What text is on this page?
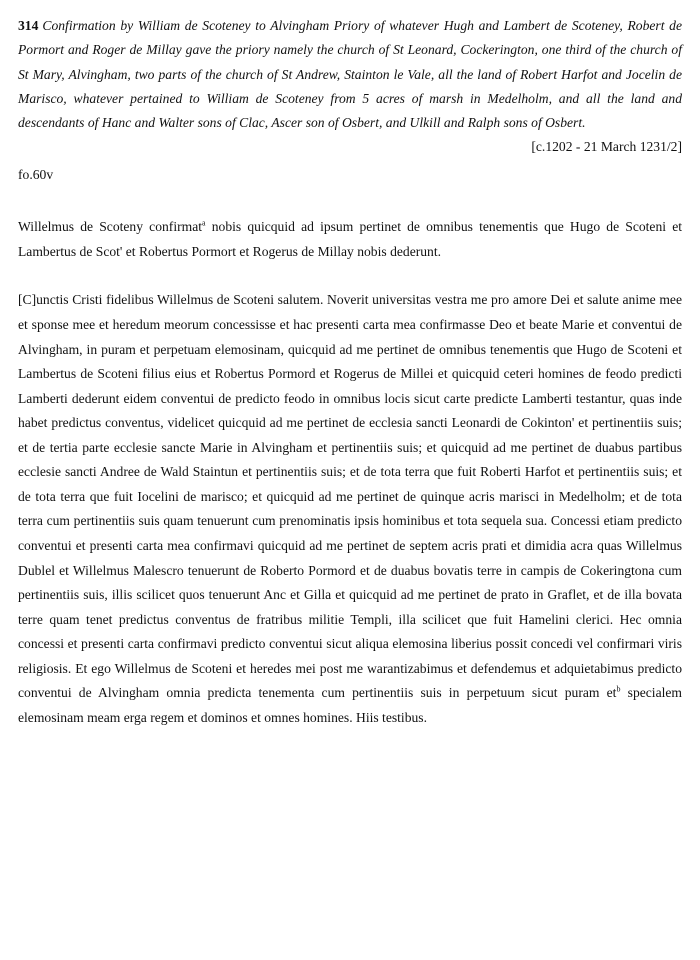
314 Confirmation by William de Scoteney to Alvingham Priory of whatever Hugh and Lambert de Scoteney, Robert de Pormort and Roger de Millay gave the priory namely the church of St Leonard, Cockerington, one third of the church of St Mary, Alvingham, two parts of the church of St Andrew, Stainton le Vale, all the land of Robert Harfot and Jocelin de Marisco, whatever pertained to William de Scoteney from 5 acres of marsh in Medelholm, and all the land and descendants of Hanc and Walter sons of Clac, Ascer son of Osbert, and Ulkill and Ralph sons of Osbert.

[c.1202 - 21 March 1231/2]

fo.60v

Willelmus de Scoteny confirmat$^a$ nobis quicquid ad ipsum pertinet de omnibus tenementis que Hugo de Scoteni et Lambertus de Scot' et Robertus Pormort et Rogerus de Millay nobis dederunt.

[C]unctis Cristi fidelibus Willelmus de Scoteni salutem. Noverit universitas vestra me pro amore Dei et salute anime mee et sponse mee et heredum meorum concessisse et hac presenti carta mea confirmasse Deo et beate Marie et conventui de Alvingham, in puram et perpetuam elemosinam, quicquid ad me pertinet de omnibus tenementis que Hugo de Scoteni et Lambertus de Scoteni filius eius et Robertus Pormord et Rogerus de Millei et quicquid ceteri homines de feodo predicti Lamberti dederunt eidem conventui de predicto feodo in omnibus locis sicut carte predicte Lamberti testantur, quas inde habet predictus conventus, videlicet quicquid ad me pertinet de ecclesia sancti Leonardi de Cokinton' et pertinentiis suis; et de tertia parte ecclesie sancte Marie in Alvingham et pertinentiis suis; et quicquid ad me pertinet de duabus partibus ecclesie sancti Andree de Wald Staintun et pertinentiis suis; et de tota terra que fuit Roberti Harfot et pertinentiis suis; et de tota terra que fuit Iocelini de marisco; et quicquid ad me pertinet de quinque acris marisci in Medelholm; et de tota terra cum pertinentiis suis quam tenuerunt cum prenominatis ipsis hominibus et tota sequela sua. Concessi etiam predicto conventui et presenti carta mea confirmavi quicquid ad me pertinet de septem acris prati et dimidia acra quas Willelmus Dublel et Willelmus Malescro tenuerunt de Roberto Pormord et de duabus bovatis terre in campis de Cokeringtona cum pertinentiis suis, illis scilicet quos tenuerunt Anc et Gilla et quicquid ad me pertinet de prato in Graflet, et de illa bovata terre quam tenet predictus conventus de fratribus militie Templi, illa scilicet que fuit Hamelini clerici. Hec omnia concessi et presenti carta confirmavi predicto conventui sicut aliqua elemosina liberius possit concedi vel confirmari viris religiosis. Et ego Willelmus de Scoteni et heredes mei post me warantizabimus et defendemus et adquietabimus predicto conventui de Alvingham omnia predicta tenementa cum pertinentiis suis in perpetuum sicut puram $et^b$ specialem elemosinam meam erga regem et dominos et omnes homines. Hiis testibus.
